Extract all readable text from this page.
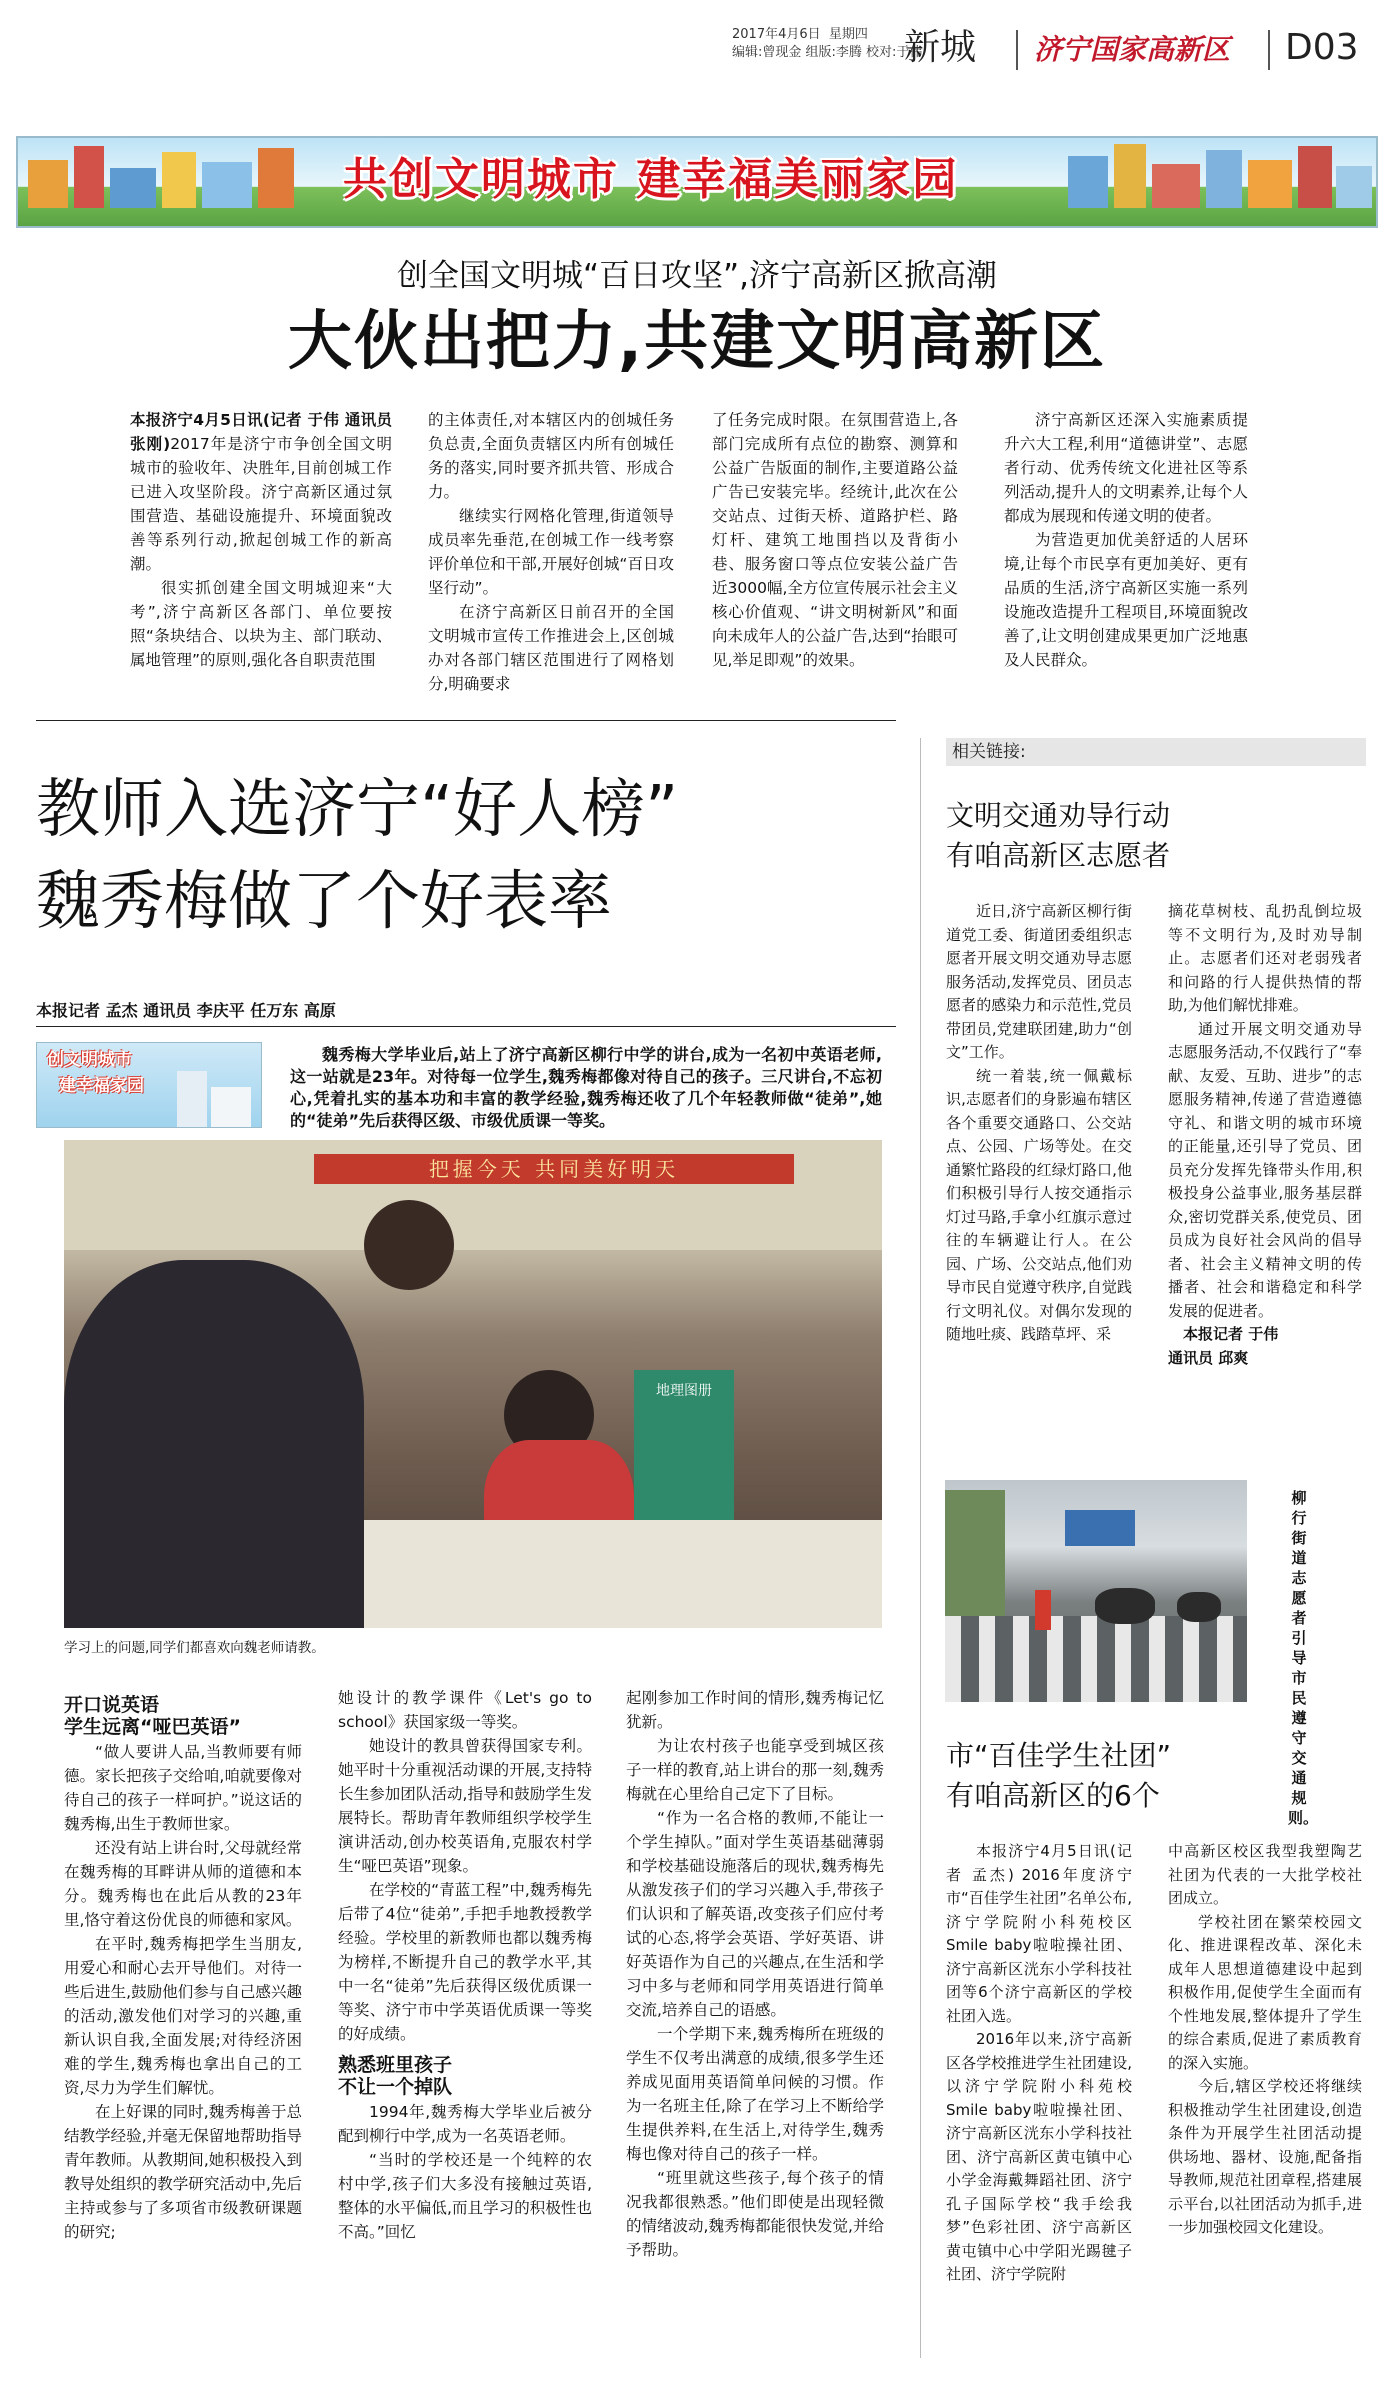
2017年4月6日 星期四
编辑:曾现金 组版:李腾 校对:于伟
新城 济宁国家高新区 D03
共创文明城市 建幸福美丽家园
创全国文明城“百日攻坚”,济宁高新区掀高潮
大伙出把力,共建文明高新区

本报济宁4月5日讯(记者 于伟 通讯员 张刚)2017年是济宁市争创全国文明城市的验收年、决胜年,目前创城工作已进入攻坚阶段。济宁高新区通过氛围营造、基础设施提升、环境面貌改善等系列行动,掀起创城工作的新高潮。

很实抓创建全国文明城迎来“大考”,济宁高新区各部门、单位要按照“条块结合、以块为主、部门联动、属地管理”的原则,强化各自职责范围

的主体责任,对本辖区内的创城任务负总责,全面负责辖区内所有创城任务的落实,同时要齐抓共管、形成合力。

继续实行网格化管理,街道领导成员率先垂范,在创城工作一线考察评价单位和干部,开展好创城“百日攻坚行动”。

在济宁高新区日前召开的全国文明城市宣传工作推进会上,区创城办对各部门辖区范围进行了网格划分,明确要求

了任务完成时限。在氛围营造上,各部门完成所有点位的勘察、测算和公益广告版面的制作,主要道路公益广告已安装完毕。经统计,此次在公交站点、过街天桥、道路护栏、路灯杆、建筑工地围挡以及背街小巷、服务窗口等点位安装公益广告近3000幅,全方位宣传展示社会主义核心价值观、“讲文明树新风”和面向未成年人的公益广告,达到“抬眼可见,举足即观”的效果。

济宁高新区还深入实施素质提升六大工程,利用“道德讲堂”、志愿者行动、优秀传统文化进社区等系列活动,提升人的文明素养,让每个人都成为展现和传递文明的使者。

为营造更加优美舒适的人居环境,让每个市民享有更加美好、更有品质的生活,济宁高新区实施一系列设施改造提升工程项目,环境面貌改善了,让文明创建成果更加广泛地惠及人民群众。

教师入选济宁“好人榜”
魏秀梅做了个好表率
本报记者 孟杰 通讯员 李庆平 任万东 高原
创文明城市
建幸福家园

魏秀梅大学毕业后,站上了济宁高新区柳行中学的讲台,成为一名初中英语老师,这一站就是23年。对待每一位学生,魏秀梅都像对待自己的孩子。三尺讲台,不忘初心,凭着扎实的基本功和丰富的教学经验,魏秀梅还收了几个年轻教师做“徒弟”,她的“徒弟”先后获得区级、市级优质课一等奖。

把握今天 共同美好明天
地理图册
学习上的问题,同学们都喜欢向魏老师请教。

开口说英语

学生远离“哑巴英语”

“做人要讲人品,当教师要有师德。家长把孩子交给咱,咱就要像对待自己的孩子一样呵护。”说这话的魏秀梅,出生于教师世家。

还没有站上讲台时,父母就经常在魏秀梅的耳畔讲从师的道德和本分。魏秀梅也在此后从教的23年里,恪守着这份优良的师德和家风。

在平时,魏秀梅把学生当朋友,用爱心和耐心去开导他们。对待一些后进生,鼓励他们参与自己感兴趣的活动,激发他们对学习的兴趣,重新认识自我,全面发展;对待经济困难的学生,魏秀梅也拿出自己的工资,尽力为学生们解忧。

在上好课的同时,魏秀梅善于总结教学经验,并毫无保留地帮助指导青年教师。从教期间,她积极投入到教导处组织的教学研究活动中,先后主持或参与了多项省市级教研课题的研究;

她设计的教学课件《Let's go to school》获国家级一等奖。

她设计的教具曾获得国家专利。她平时十分重视活动课的开展,支持特长生参加团队活动,指导和鼓励学生发展特长。帮助青年教师组织学校学生演讲活动,创办校英语角,克服农村学生“哑巴英语”现象。

在学校的“青蓝工程”中,魏秀梅先后带了4位“徒弟”,手把手地教授教学经验。学校里的新教师也都以魏秀梅为榜样,不断提升自己的教学水平,其中一名“徒弟”先后获得区级优质课一等奖、济宁市中学英语优质课一等奖的好成绩。

熟悉班里孩子

不让一个掉队

1994年,魏秀梅大学毕业后被分配到柳行中学,成为一名英语老师。

“当时的学校还是一个纯粹的农村中学,孩子们大多没有接触过英语,整体的水平偏低,而且学习的积极性也不高。”回忆

起刚参加工作时间的情形,魏秀梅记忆犹新。

为让农村孩子也能享受到城区孩子一样的教育,站上讲台的那一刻,魏秀梅就在心里给自己定下了目标。

“作为一名合格的教师,不能让一个学生掉队。”面对学生英语基础薄弱和学校基础设施落后的现状,魏秀梅先从激发孩子们的学习兴趣入手,带孩子们认识和了解英语,改变孩子们应付考试的心态,将学会英语、学好英语、讲好英语作为自己的兴趣点,在生活和学习中多与老师和同学用英语进行简单交流,培养自己的语感。

一个学期下来,魏秀梅所在班级的学生不仅考出满意的成绩,很多学生还养成见面用英语简单问候的习惯。作为一名班主任,除了在学习上不断给学生提供养料,在生活上,对待学生,魏秀梅也像对待自己的孩子一样。

“班里就这些孩子,每个孩子的情况我都很熟悉。”他们即使是出现轻微的情绪波动,魏秀梅都能很快发觉,并给予帮助。

相关链接:
文明交通劝导行动
有咱高新区志愿者

近日,济宁高新区柳行街道党工委、街道团委组织志愿者开展文明交通劝导志愿服务活动,发挥党员、团员志愿者的感染力和示范性,党员带团员,党建联团建,助力“创文”工作。

统一着装,统一佩戴标识,志愿者们的身影遍布辖区各个重要交通路口、公交站点、公园、广场等处。在交通繁忙路段的红绿灯路口,他们积极引导行人按交通指示灯过马路,手拿小红旗示意过往的车辆避让行人。在公园、广场、公交站点,他们劝导市民自觉遵守秩序,自觉践行文明礼仪。对偶尔发现的随地吐痰、践踏草坪、采

摘花草树枝、乱扔乱倒垃圾等不文明行为,及时劝导制止。志愿者们还对老弱残者和问路的行人提供热情的帮助,为他们解忧排难。

通过开展文明交通劝导志愿服务活动,不仅践行了“奉献、友爱、互助、进步”的志愿服务精神,传递了营造遵德守礼、和谐文明的城市环境的正能量,还引导了党员、团员充分发挥先锋带头作用,积极投身公益事业,服务基层群众,密切党群关系,使党员、团员成为良好社会风尚的倡导者、社会主义精神文明的传播者、社会和谐稳定和科学发展的促进者。

本报记者 于伟

通讯员 邱爽

柳行街道志愿者引导市民遵守交通规则。
市“百佳学生社团”
有咱高新区的6个

本报济宁4月5日讯(记者 孟杰) 2016年度济宁市“百佳学生社团”名单公布,济宁学院附小科苑校区Smile baby啦啦操社团、济宁高新区洸东小学科技社团等6个济宁高新区的学校社团入选。

2016年以来,济宁高新区各学校推进学生社团建设,以济宁学院附小科苑校Smile baby啦啦操社团、济宁高新区洸东小学科技社团、济宁高新区黄屯镇中心小学金海戴舞蹈社团、济宁孔子国际学校“我手绘我梦”色彩社团、济宁高新区黄屯镇中心中学阳光踢毽子社团、济宁学院附

中高新区校区我型我塑陶艺社团为代表的一大批学校社团成立。

学校社团在繁荣校园文化、推进课程改革、深化未成年人思想道德建设中起到积极作用,促使学生全面而有个性地发展,整体提升了学生的综合素质,促进了素质教育的深入实施。

今后,辖区学校还将继续积极推动学生社团建设,创造条件为开展学生社团活动提供场地、器材、设施,配备指导教师,规范社团章程,搭建展示平台,以社团活动为抓手,进一步加强校园文化建设。
